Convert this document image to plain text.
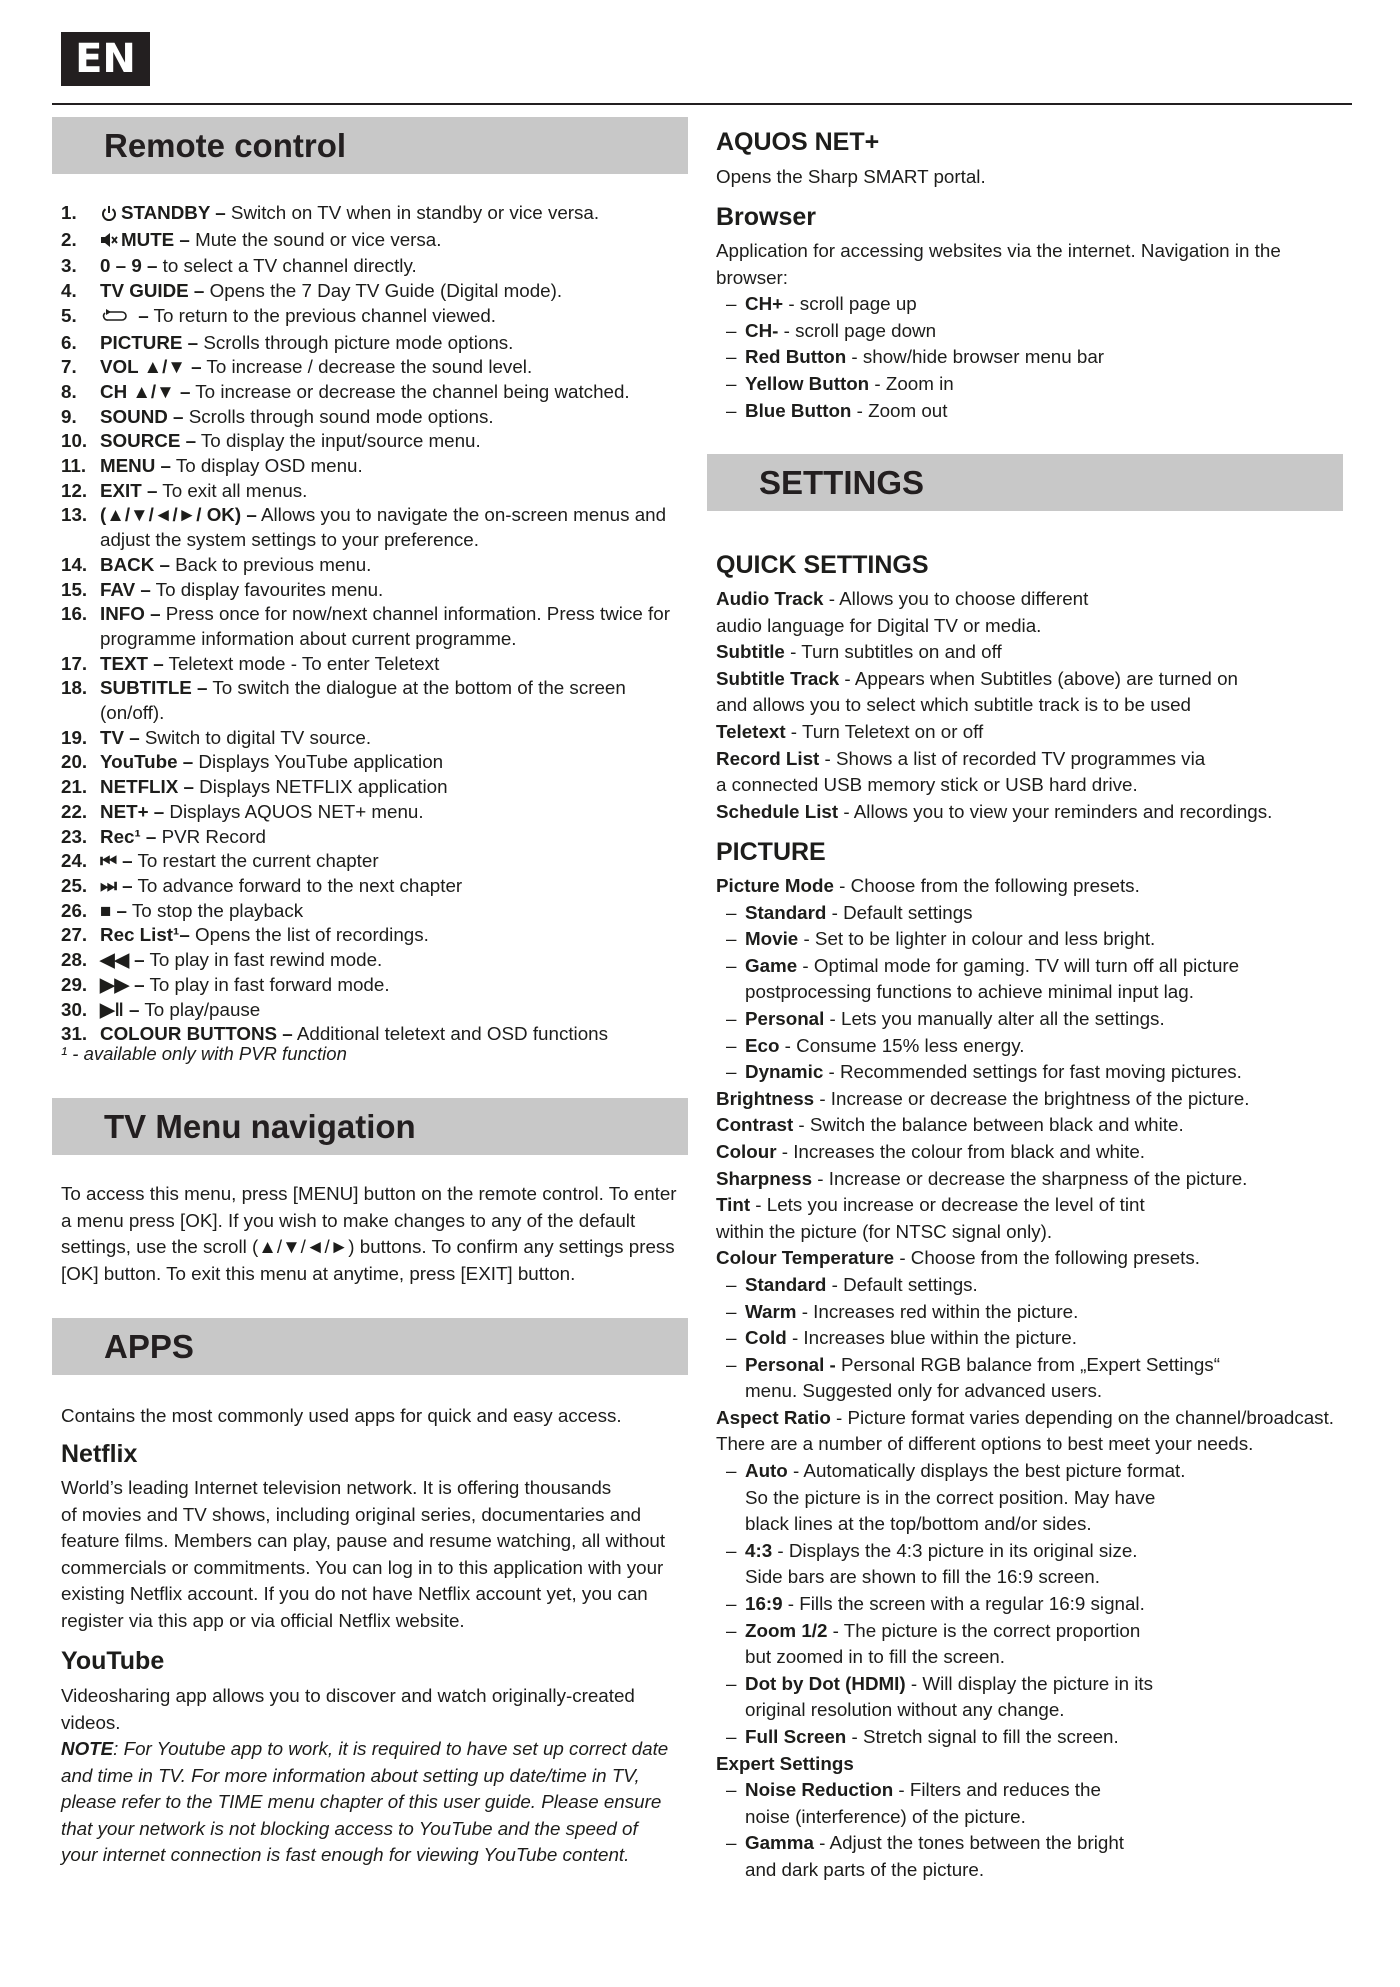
EN
Remote control
1. STANDBY – Switch on TV when in standby or vice versa.
2. MUTE – Mute the sound or vice versa.
3. 0 – 9 – to select a TV channel directly.
4. TV GUIDE – Opens the 7 Day TV Guide (Digital mode).
5.	– To return to the previous channel viewed.
6. PICTURE – Scrolls through picture mode options.
7. VOL ▲/▼ – To increase / decrease the sound level.
8. CH ▲/▼ – To increase or decrease the channel being watched.
9. SOUND – Scrolls through sound mode options.
10. SOURCE – To display the input/source menu.
11. MENU – To display OSD menu.
12. EXIT – To exit all menus.
13. (▲/▼/◄/►/ OK) – Allows you to navigate the on-screen menus and adjust the system settings to your preference.
14. BACK – Back to previous menu.
15. FAV – To display favourites menu.
16. INFO – Press once for now/next channel information. Press twice for programme information about current programme.
17. TEXT – Teletext mode - To enter Teletext
18. SUBTITLE – To switch the dialogue at the bottom of the screen (on/off).
19. TV – Switch to digital TV source.
20. YouTube – Displays YouTube application
21. NETFLIX – Displays NETFLIX application
22. NET+ – Displays AQUOS NET+ menu.
23. Rec¹ – PVR Record
24. ⏮ – To restart the current chapter
25. ⏭ – To advance forward to the next chapter
26. ■ – To stop the playback
27. Rec List¹– Opens the list of recordings.
28. ◀◀ – To play in fast rewind mode.
29. ▶▶ – To play in fast forward mode.
30. ▶‖ – To play/pause
31. COLOUR BUTTONS – Additional teletext and OSD functions
¹ - available only with PVR function
TV Menu navigation
To access this menu, press [MENU] button on the remote control. To enter
a menu press [OK]. If you wish to make changes to any of the default
settings, use the scroll (▲/▼/◄/►) buttons. To confirm any settings press
[OK] button. To exit this menu at anytime, press [EXIT] button.
APPS
Contains the most commonly used apps for quick and easy access.
Netflix
World’s leading Internet television network. It is offering thousands
of movies and TV shows, including original series, documentaries and
feature films. Members can play, pause and resume watching, all without
commercials or commitments. You can log in to this application with your
existing Netflix account. If you do not have Netflix account yet, you can
register via this app or via official Netflix website.
YouTube
Videosharing app allows you to discover and watch originally-created
videos.
NOTE: For Youtube app to work, it is required to have set up correct date
and time in TV. For more information about setting up date/time in TV,
please refer to the TIME menu chapter of this user guide. Please ensure
that your network is not blocking access to YouTube and the speed of
your internet connection is fast enough for viewing YouTube content.
AQUOS NET+
Opens the Sharp SMART portal.
Browser
Application for accessing websites via the internet. Navigation in the
browser:
– CH+ - scroll page up
– CH- - scroll page down
– Red Button - show/hide browser menu bar
– Yellow Button - Zoom in
– Blue Button - Zoom out
SETTINGS
QUICK SETTINGS
Audio Track - Allows you to choose different
audio language for Digital TV or media.
Subtitle - Turn subtitles on and off
Subtitle Track - Appears when Subtitles (above) are turned on
and allows you to select which subtitle track is to be used
Teletext - Turn Teletext on or off
Record List - Shows a list of recorded TV programmes via
a connected USB memory stick or USB hard drive.
Schedule List - Allows you to view your reminders and recordings.
PICTURE
Picture Mode - Choose from the following presets.
– Standard - Default settings
– Movie - Set to be lighter in colour and less bright.
– Game - Optimal mode for gaming. TV will turn off all picture
postprocessing functions to achieve minimal input lag.
– Personal - Lets you manually alter all the settings.
– Eco - Consume 15% less energy.
– Dynamic - Recommended settings for fast moving pictures.
Brightness - Increase or decrease the brightness of the picture.
Contrast - Switch the balance between black and white.
Colour - Increases the colour from black and white.
Sharpness - Increase or decrease the sharpness of the picture.
Tint - Lets you increase or decrease the level of tint
within the picture (for NTSC signal only).
Colour Temperature - Choose from the following presets.
– Standard - Default settings.
– Warm - Increases red within the picture.
– Cold - Increases blue within the picture.
– Personal - Personal RGB balance from „Expert Settings“
menu. Suggested only for advanced users.
Aspect Ratio - Picture format varies depending on the channel/broadcast.
There are a number of different options to best meet your needs.
– Auto - Automatically displays the best picture format.
So the picture is in the correct position. May have
black lines at the top/bottom and/or sides.
– 4:3 - Displays the 4:3 picture in its original size.
Side bars are shown to fill the 16:9 screen.
– 16:9 - Fills the screen with a regular 16:9 signal.
– Zoom 1/2 - The picture is the correct proportion
but zoomed in to fill the screen.
– Dot by Dot (HDMI) - Will display the picture in its
original resolution without any change.
– Full Screen - Stretch signal to fill the screen.
Expert Settings
– Noise Reduction - Filters and reduces the
noise (interference) of the picture.
– Gamma - Adjust the tones between the bright
and dark parts of the picture.
